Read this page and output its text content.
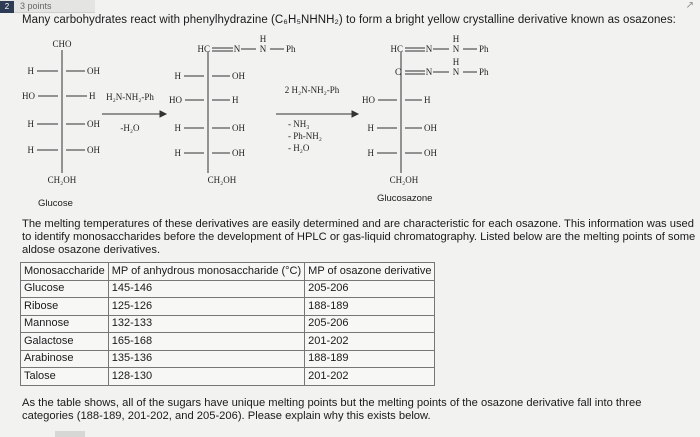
2 3 points	↗
Many carbohydrates react with phenylhydrazine (C₆H₅NHNH₂) to form a bright yellow crystalline derivative known as osazones:
CHO
H	OH
HO	H
H	OH
H	OH
CH₂OH
H₂N-NH₂-Ph
-H₂O
HC	N N
H
Ph
H	OH
HO	H
H	OH
H	OH
CH₂OH
2 H₂N-NH₂-Ph
- NH₃
- Ph-NH₂
- H₂O
HC	N N
H
Ph
C	N N
H
Ph
HO	H
H	OH
H	OH
CH₂OH
Glucose	Glucosazone
The melting temperatures of these derivatives are easily determined and are characteristic for each osazone. This information was used to identify monosaccharides before the development of HPLC or gas-liquid chromatography. Listed below are the melting points of some aldose osazone derivatives.
Monosaccharide	MP of anhydrous monosaccharide (°C)	MP of osazone derivative
Glucose	145-146	205-206
Ribose	125-126	188-189
Mannose	132-133	205-206
Galactose	165-168	201-202
Arabinose	135-136	188-189
Talose	128-130	201-202
As the table shows, all of the sugars have unique melting points but the melting points of the osazone derivative fall into three categories (188-189, 201-202, and 205-206). Please explain why this exists below.
